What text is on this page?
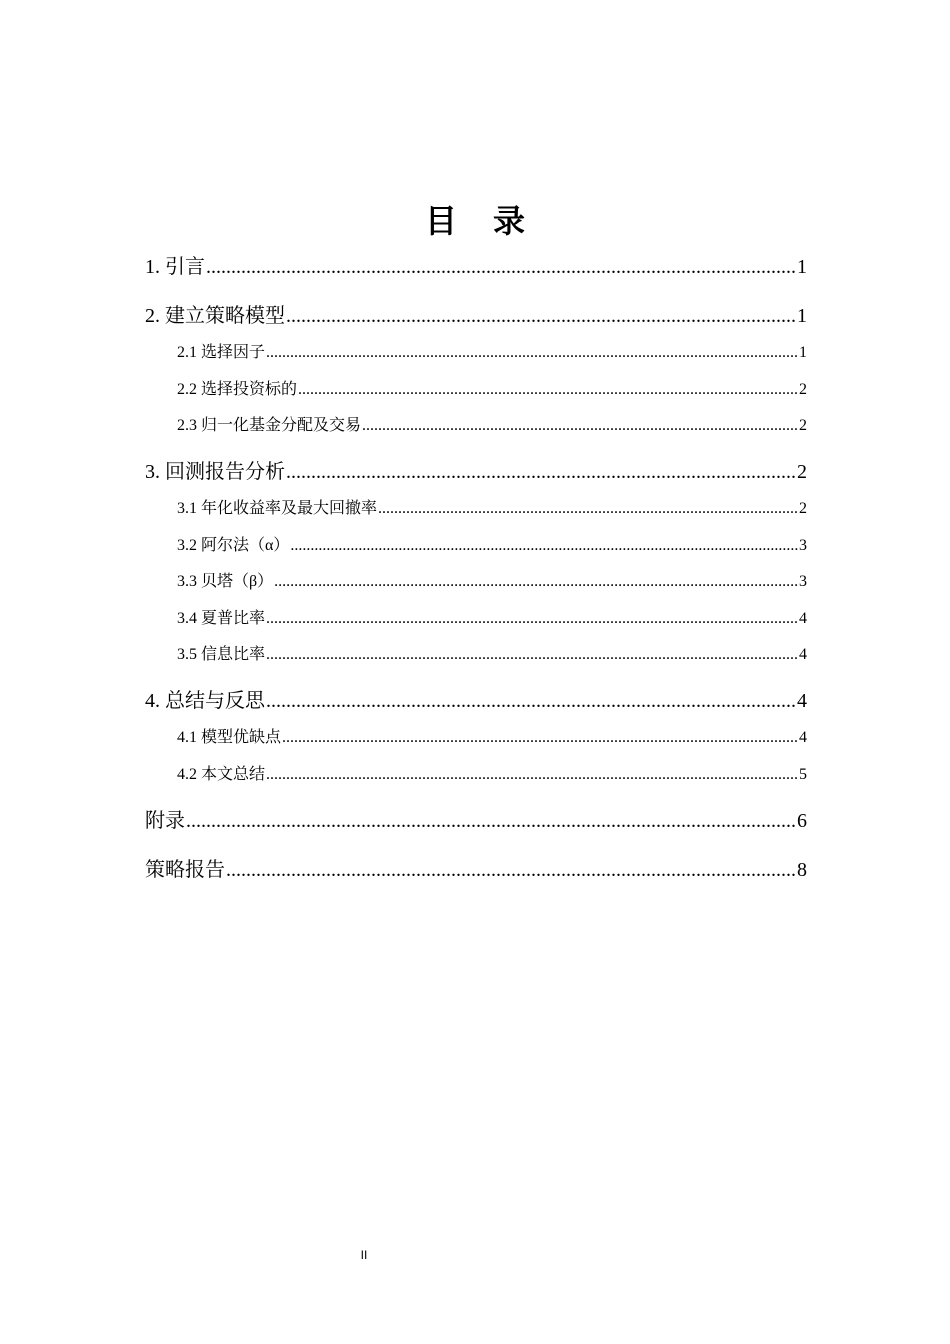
目 录
1. 引言 .....	1
2. 建立策略模型 .....	1
2.1 选择因子 .....	1
2.2 选择投资标的 .....	2
2.3 归一化基金分配及交易 .....	2
3. 回测报告分析 .....	2
3.1 年化收益率及最大回撤率 .....	2
3.2 阿尔法（α） .....	3
3.3 贝塔（β） .....	3
3.4 夏普比率 .....	4
3.5 信息比率 .....	4
4. 总结与反思 .....	4
4.1 模型优缺点 .....	4
4.2 本文总结 .....	5
附录 .....	6
策略报告 .....	8
II
